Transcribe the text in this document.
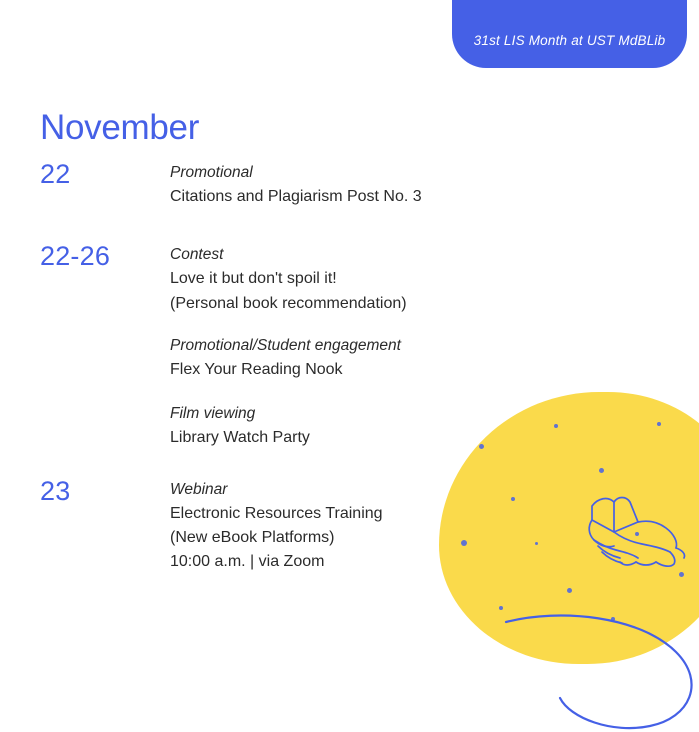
31st LIS Month at UST MdBLib
November
22	Promotional
Citations and Plagiarism Post No. 3
22-26	Contest
Love it but don't spoil it!
(Personal book recommendation)
Promotional/Student engagement
Flex Your Reading Nook
Film viewing
Library Watch Party
23	Webinar
Electronic Resources Training
(New eBook Platforms)
10:00 a.m. | via Zoom
